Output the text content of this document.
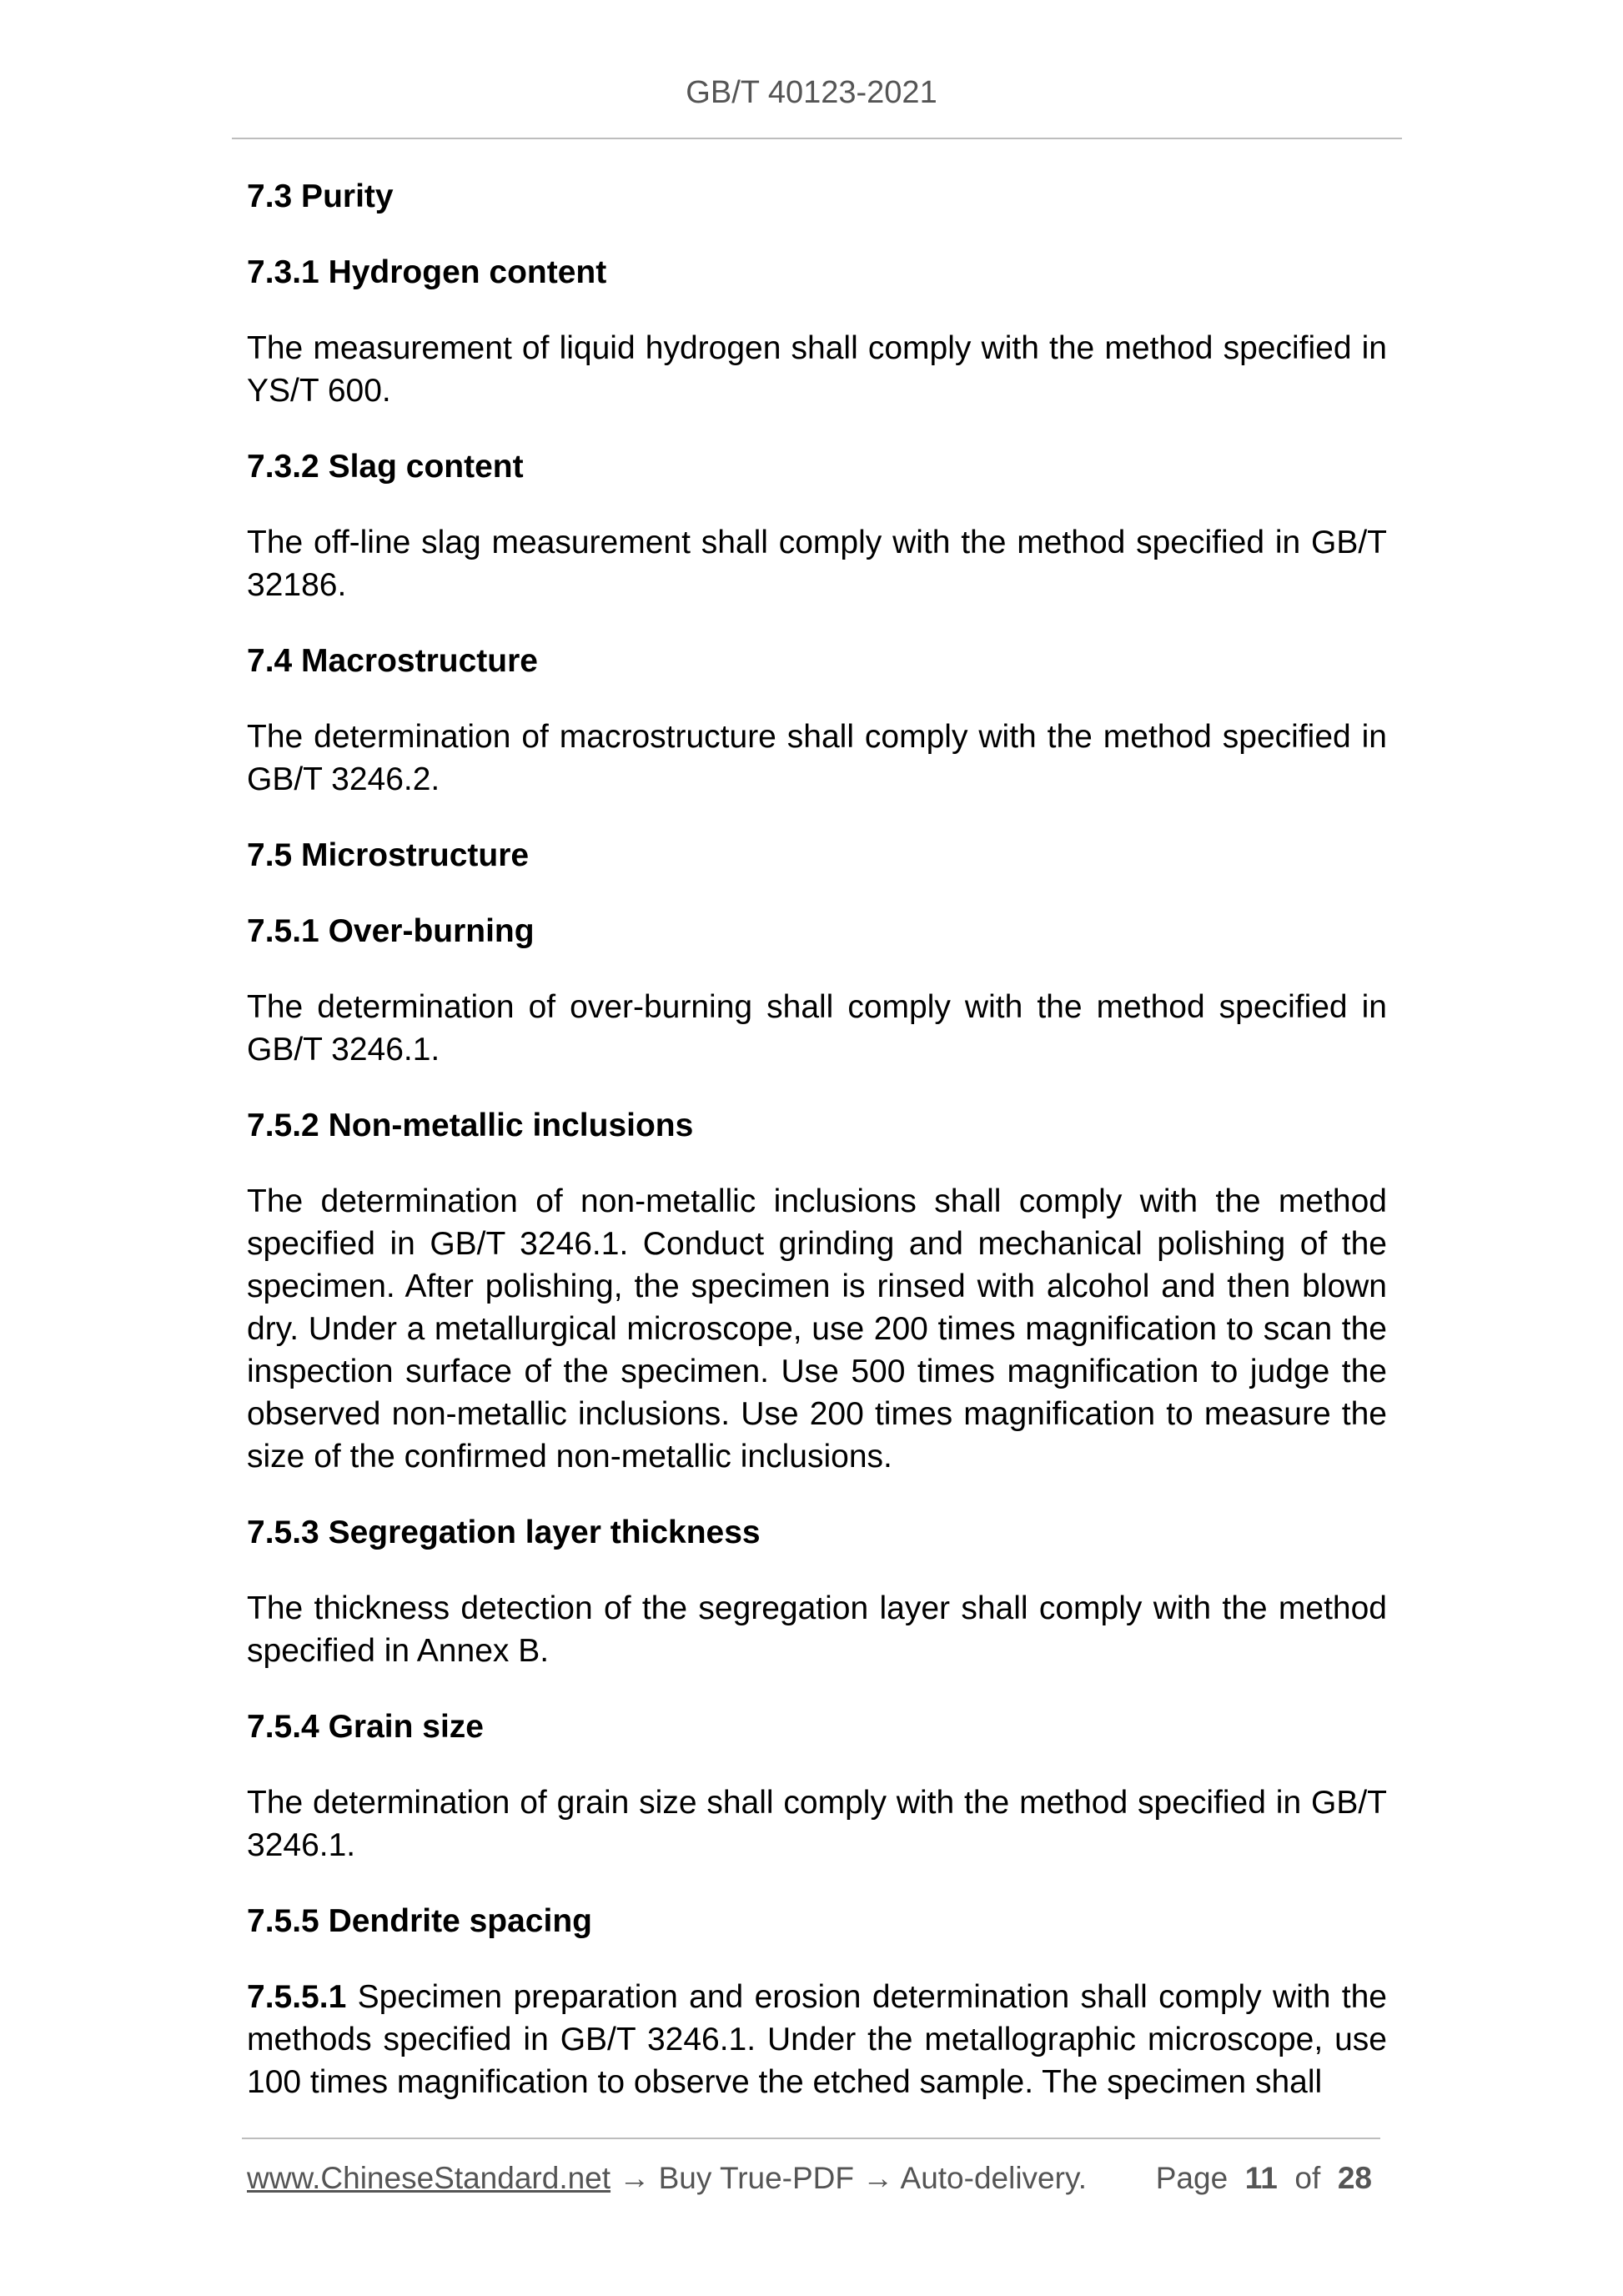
GB/T 40123-2021
7.3 Purity
7.3.1 Hydrogen content
The measurement of liquid hydrogen shall comply with the method specified in YS/T 600.
7.3.2 Slag content
The off-line slag measurement shall comply with the method specified in GB/T 32186.
7.4 Macrostructure
The determination of macrostructure shall comply with the method specified in GB/T 3246.2.
7.5 Microstructure
7.5.1 Over-burning
The determination of over-burning shall comply with the method specified in GB/T 3246.1.
7.5.2 Non-metallic inclusions
The determination of non-metallic inclusions shall comply with the method specified in GB/T 3246.1. Conduct grinding and mechanical polishing of the specimen. After polishing, the specimen is rinsed with alcohol and then blown dry. Under a metallurgical microscope, use 200 times magnification to scan the inspection surface of the specimen. Use 500 times magnification to judge the observed non-metallic inclusions. Use 200 times magnification to measure the size of the confirmed non-metallic inclusions.
7.5.3 Segregation layer thickness
The thickness detection of the segregation layer shall comply with the method specified in Annex B.
7.5.4 Grain size
The determination of grain size shall comply with the method specified in GB/T 3246.1.
7.5.5 Dendrite spacing
7.5.5.1 Specimen preparation and erosion determination shall comply with the methods specified in GB/T 3246.1. Under the metallographic microscope, use 100 times magnification to observe the etched sample. The specimen shall
www.ChineseStandard.net → Buy True-PDF → Auto-delivery. Page 11 of 28
